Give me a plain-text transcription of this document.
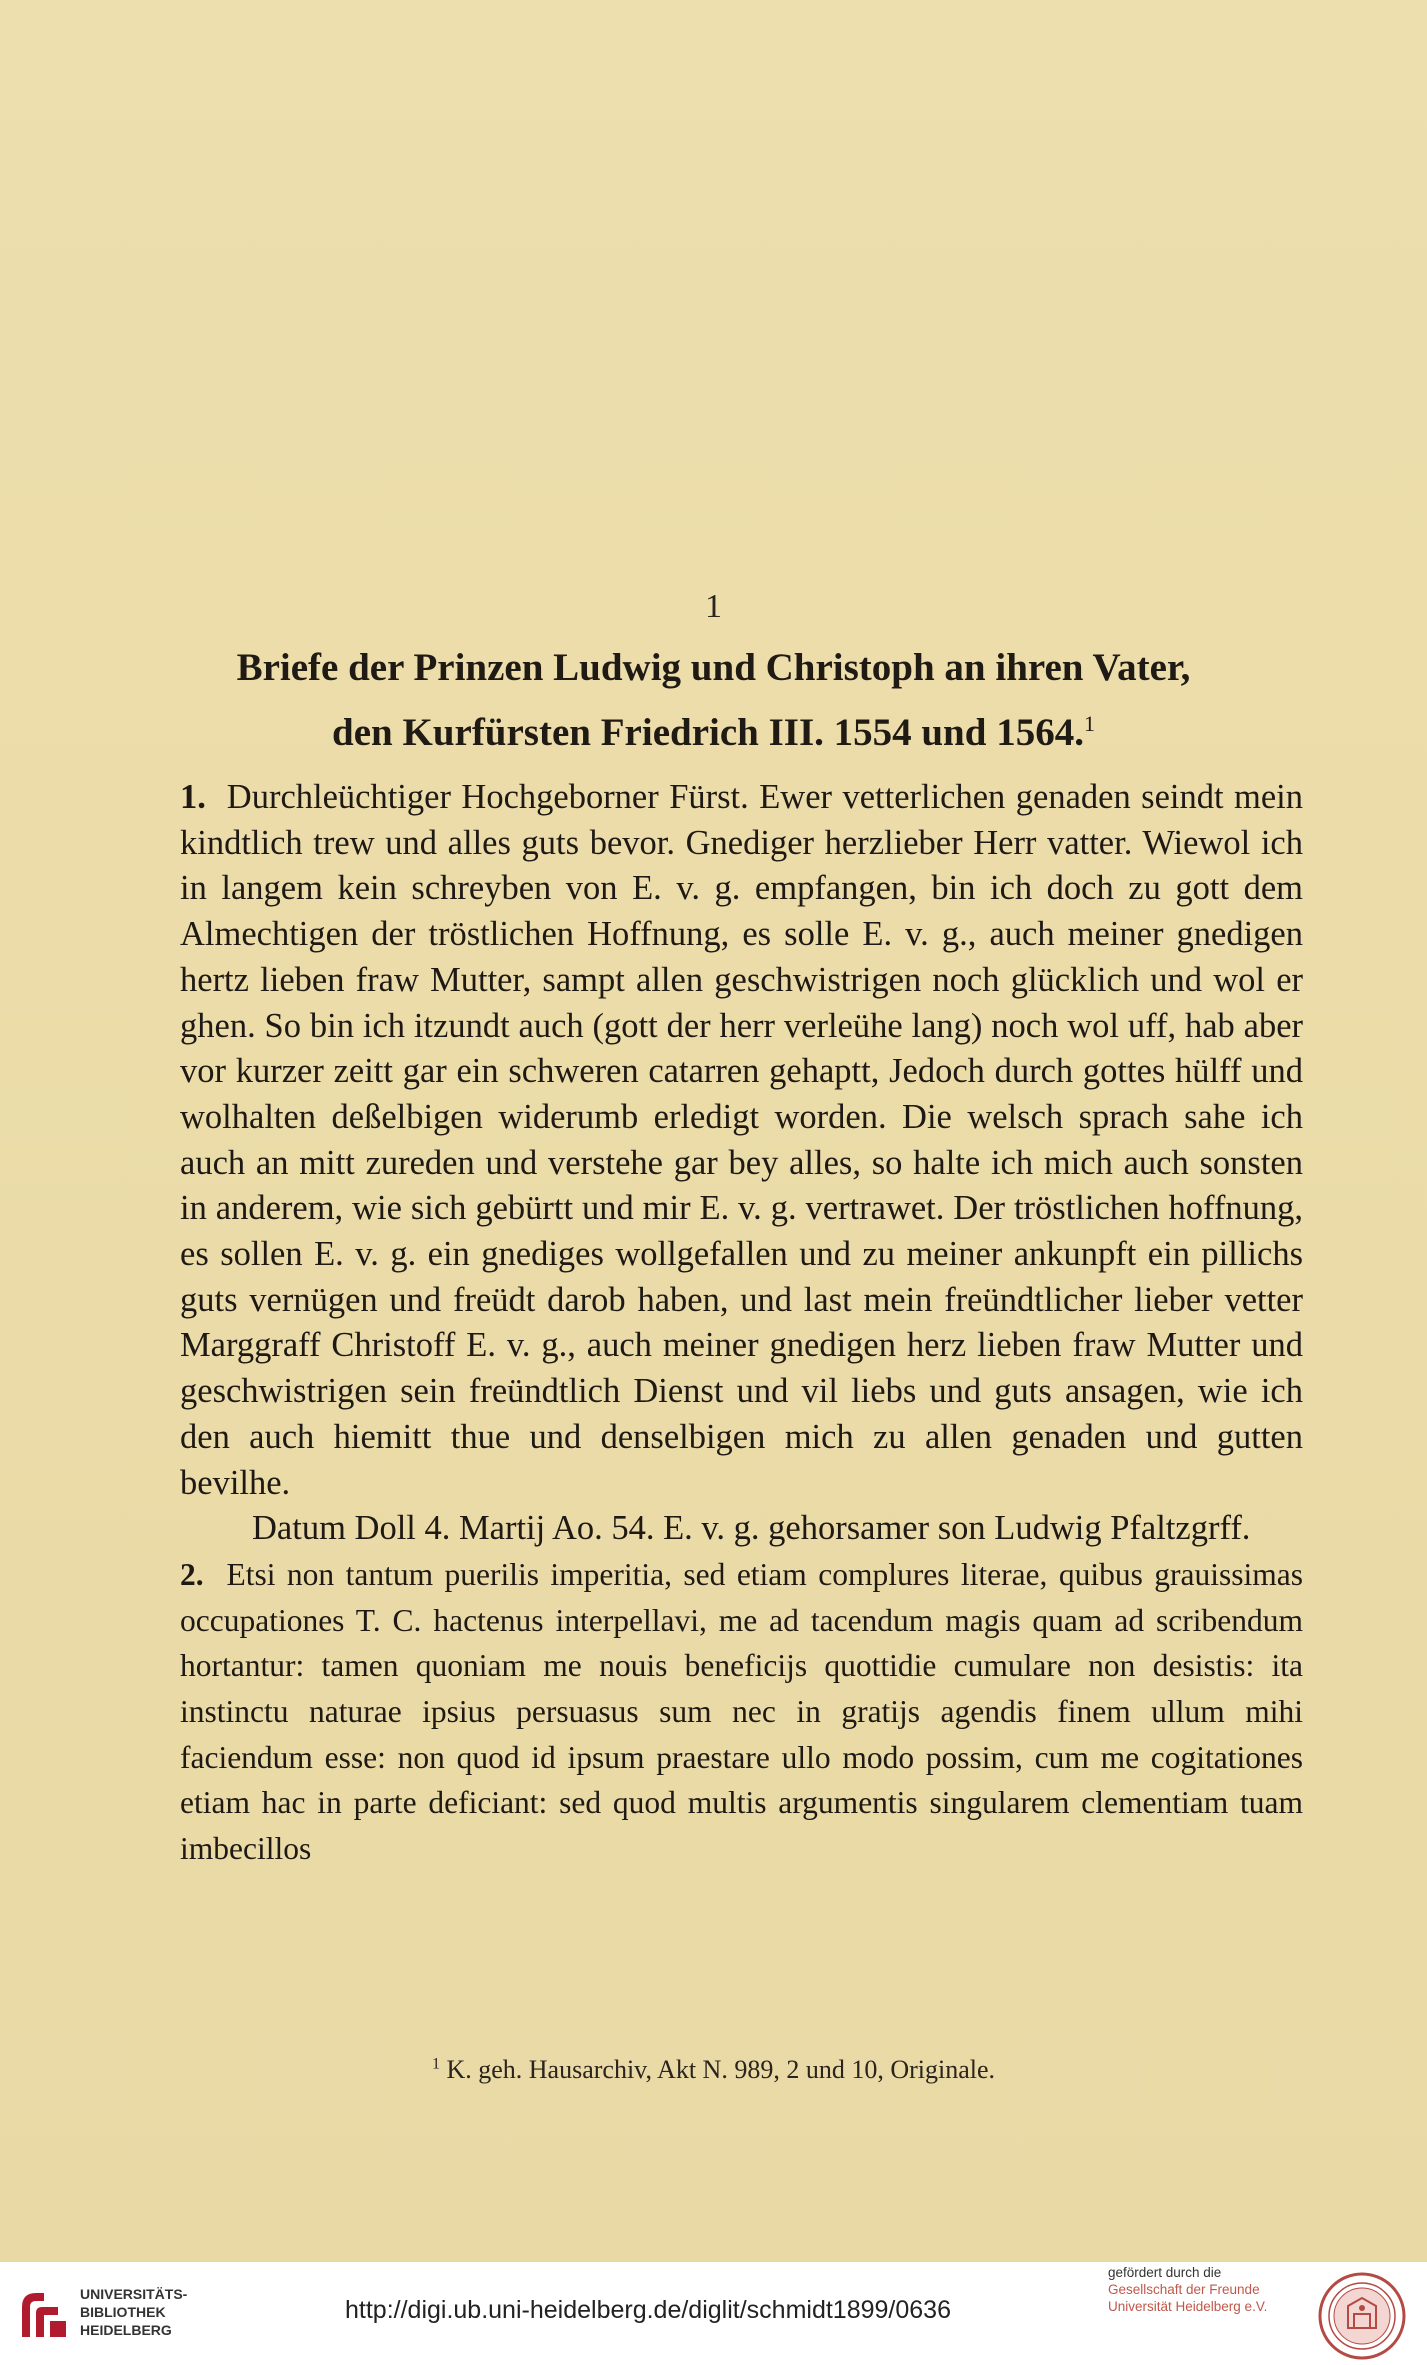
1
Briefe der Prinzen Ludwig und Christoph an ihren Vater,
den Kurfürsten Friedrich III. 1554 und 1564.$^1$

1. Durchleüchtiger Hochgeborner Fürst. Ewer vetterlichen genaden seindt mein kindtlich trew und alles guts bevor. Gnediger herzlieber Herr vatter. Wiewol ich in langem kein schreyben von E. v. g. empfangen, bin ich doch zu gott dem Almechtigen der tröstlichen Hoffnung, es solle E. v. g., auch meiner gnedigen hertz lieben fraw Mutter, sampt allen geschwistrigen noch glücklich und wol er ghen. So bin ich itzundt auch (gott der herr verleühe lang) noch wol uff, hab aber vor kurzer zeitt gar ein schweren catarren gehaptt, Jedoch durch gottes hülff und wolhalten deßelbigen widerumb erledigt worden. Die welsch sprach sahe ich auch an mitt zureden und verstehe gar bey alles, so halte ich mich auch sonsten in anderem, wie sich gebürtt und mir E. v. g. vertrawet. Der tröstlichen hoffnung, es sollen E. v. g. ein gnediges wollgefallen und zu meiner ankunpft ein pillichs guts vernügen und freüdt darob haben, und last mein freündtlicher lieber vetter Marggraff Christoff E. v. g., auch meiner gnedigen herz lieben fraw Mutter und geschwistrigen sein freündtlich Dienst und vil liebs und guts ansagen, wie ich den auch hiemitt thue und denselbigen mich zu allen genaden und gutten bevilhe.

Datum Doll 4. Martij Ao. 54. E. v. g. gehorsamer son Ludwig Pfaltzgrff.

2. Etsi non tantum puerilis imperitia, sed etiam complures literae, quibus grauissimas occupationes T. C. hactenus interpellavi, me ad tacendum magis quam ad scribendum hortantur: tamen quoniam me nouis beneficijs quottidie cumulare non desistis: ita instinctu naturae ipsius persuasus sum nec in gratijs agendis finem ullum mihi faciendum esse: non quod id ipsum praestare ullo modo possim, cum me cogitationes etiam hac in parte deficiant: sed quod multis argumentis singularem clementiam tuam imbecillos

$^1$ K. geh. Hausarchiv, Akt N. 989, 2 und 10, Originale.
UNIVERSITÄTS-
BIBLIOTHEK
HEIDELBERG
http://digi.ub.uni-heidelberg.de/diglit/schmidt1899/0636
gefördert durch die
Gesellschaft der Freunde
Universität Heidelberg e.V.
